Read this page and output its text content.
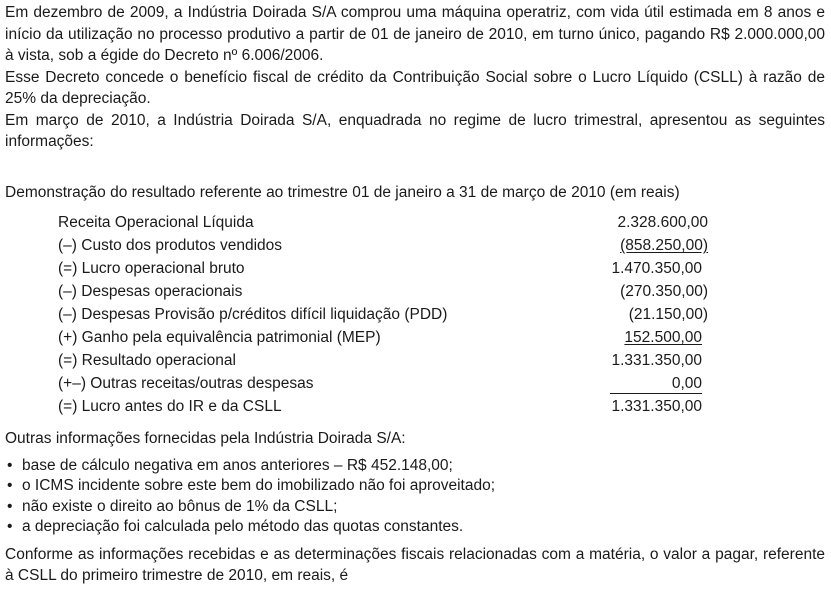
Em dezembro de 2009, a Indústria Doirada S/A comprou uma máquina operatriz, com vida útil estimada em 8 anos e início da utilização no processo produtivo a partir de 01 de janeiro de 2010, em turno único, pagando R$ 2.000.000,00 à vista, sob a égide do Decreto nº 6.006/2006.

Esse Decreto concede o benefício fiscal de crédito da Contribuição Social sobre o Lucro Líquido (CSLL) à razão de 25% da depreciação.

Em março de 2010, a Indústria Doirada S/A, enquadrada no regime de lucro trimestral, apresentou as seguintes informações:

Demonstração do resultado referente ao trimestre 01 de janeiro a 31 de março de 2010 (em reais)
Receita Operacional Líquida	2.328.600,00
(–) Custo dos produtos vendidos	(858.250,00)
(=) Lucro operacional bruto	1.470.350,00
(–) Despesas operacionais	(270.350,00)
(–) Despesas Provisão p/créditos difícil liquidação (PDD)	(21.150,00)
(+) Ganho pela equivalência patrimonial (MEP)	152.500,00
(=) Resultado operacional	1.331.350,00
(+–) Outras receitas/outras despesas	0,00
(=) Lucro antes do IR e da CSLL	1.331.350,00
Outras informações fornecidas pela Indústria Doirada S/A:
• base de cálculo negativa em anos anteriores – R$ 452.148,00;
• o ICMS incidente sobre este bem do imobilizado não foi aproveitado;
• não existe o direito ao bônus de 1% da CSLL;
• a depreciação foi calculada pelo método das quotas constantes.

Conforme as informações recebidas e as determinações fiscais relacionadas com a matéria, o valor a pagar, referente à CSLL do primeiro trimestre de 2010, em reais, é
